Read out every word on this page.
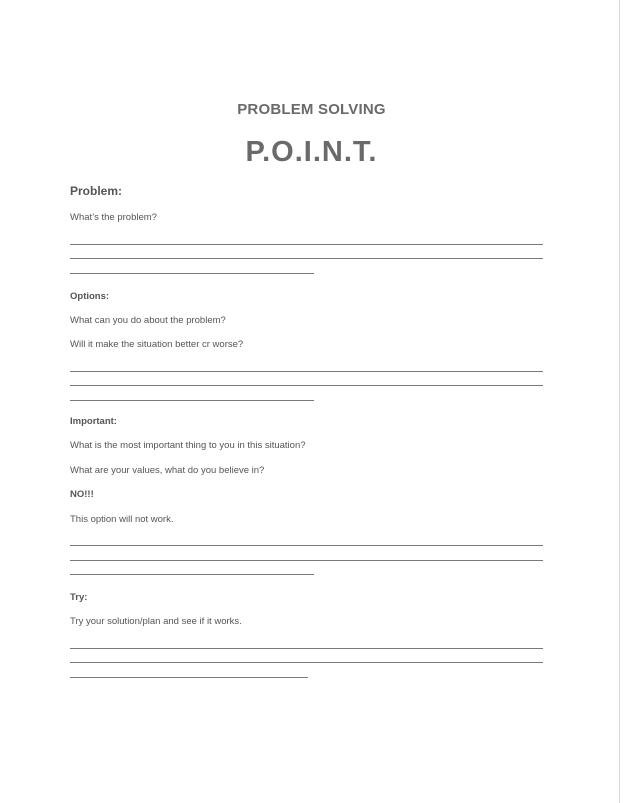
PROBLEM SOLVING
P.O.I.N.T.
Problem:
What’s the problem?
Options:
What can you do about the problem?
Will it make the situation better cr worse?
Important:
What is the most important thing to you in this situation?
What are your values, what do you believe in?
NO!!!
This option will not work.
Try:
Try your solution/plan and see if it works.
